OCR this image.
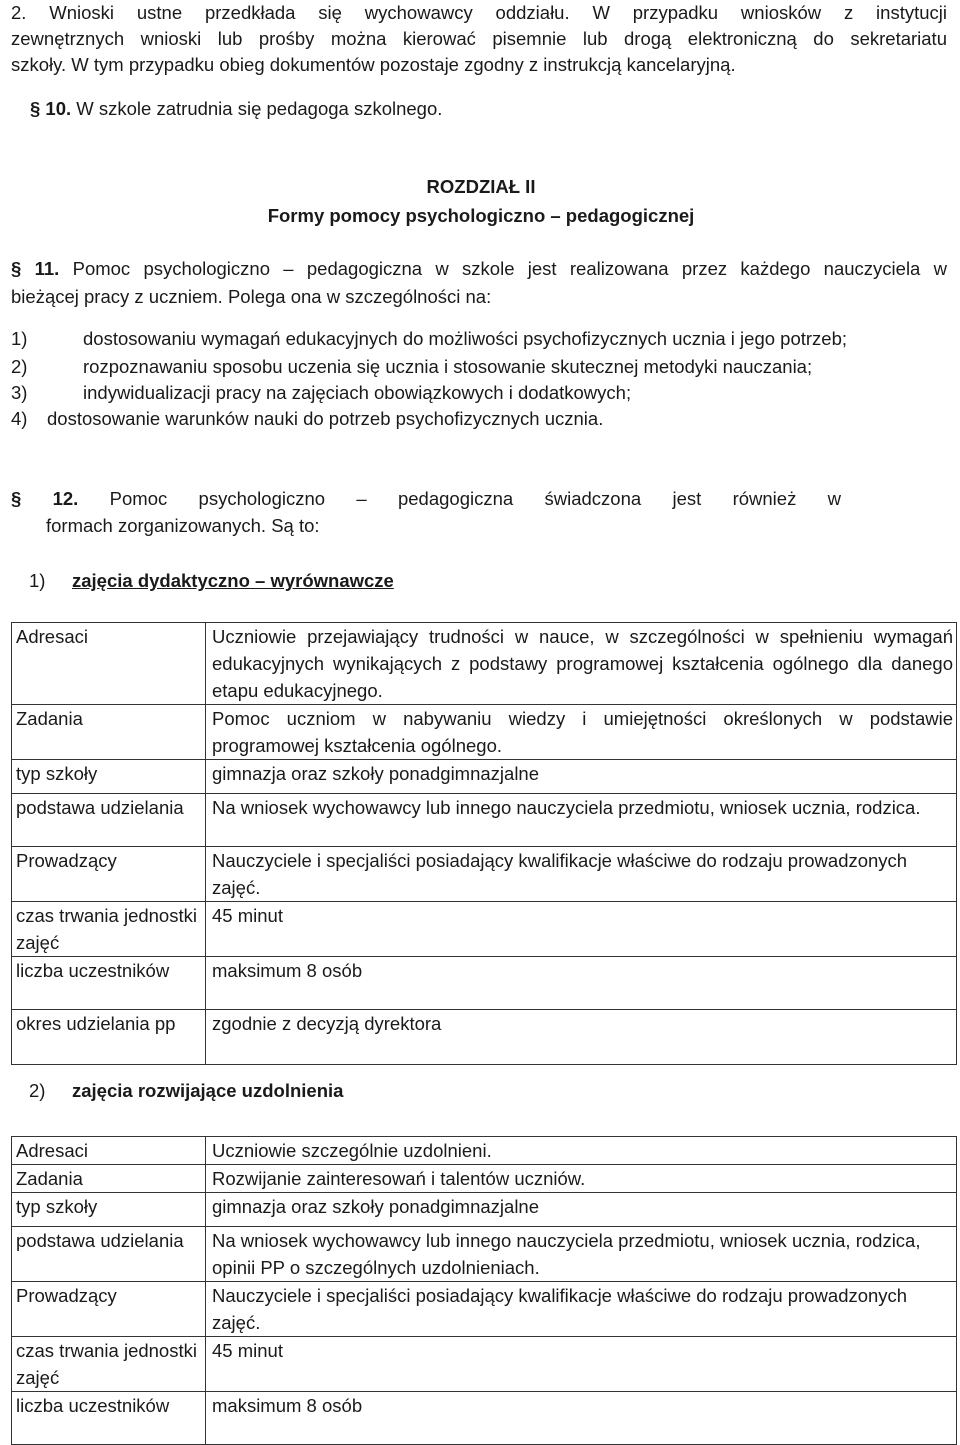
2. Wnioski ustne przedkłada się wychowawcy oddziału. W przypadku wniosków z instytucji
zewnętrznych wnioski lub prośby można kierować pisemnie lub drogą elektroniczną do sekretariatu
szkoły. W tym przypadku obieg dokumentów pozostaje zgodny z instrukcją kancelaryjną.
§ 10. W szkole zatrudnia się pedagoga szkolnego.
ROZDZIAŁ II
Formy pomocy psychologiczno – pedagogicznej
§ 11. Pomoc psychologiczno – pedagogiczna w szkole jest realizowana przez każdego nauczyciela w
bieżącej pracy z uczniem. Polega ona w szczególności na:
1)	dostosowaniu wymagań edukacyjnych do możliwości psychofizycznych ucznia i jego potrzeb;
2)	rozpoznawaniu sposobu uczenia się ucznia i stosowanie skutecznej metodyki nauczania;
3)	indywidualizacji pracy na zajęciach obowiązkowych i dodatkowych;
4) dostosowanie warunków nauki do potrzeb psychofizycznych ucznia.
§ 12. Pomoc psychologiczno – pedagogiczna świadczona jest również w
formach zorganizowanych. Są to:
1) zajęcia dydaktyczno – wyrównawcze
Adresaci	Uczniowie przejawiający trudności w nauce, w szczególności w spełnieniu wymagań edukacyjnych wynikających z podstawy programowej kształcenia ogólnego dla danego etapu edukacyjnego.
Zadania	Pomoc uczniom w nabywaniu wiedzy i umiejętności określonych w podstawie programowej kształcenia ogólnego.
typ szkoły	gimnazja oraz szkoły ponadgimnazjalne
podstawa udzielania	Na wniosek wychowawcy lub innego nauczyciela przedmiotu, wniosek ucznia, rodzica.
Prowadzący	Nauczyciele i specjaliści posiadający kwalifikacje właściwe do rodzaju prowadzonych zajęć.
czas trwania jednostki zajęć	45 minut
liczba uczestników	maksimum 8 osób
okres udzielania pp	zgodnie z decyzją dyrektora
2) zajęcia rozwijające uzdolnienia
Adresaci	Uczniowie szczególnie uzdolnieni.
Zadania	Rozwijanie zainteresowań i talentów uczniów.
typ szkoły	gimnazja oraz szkoły ponadgimnazjalne
podstawa udzielania	Na wniosek wychowawcy lub innego nauczyciela przedmiotu, wniosek ucznia, rodzica, opinii PP o szczególnych uzdolnieniach.
Prowadzący	Nauczyciele i specjaliści posiadający kwalifikacje właściwe do rodzaju prowadzonych zajęć.
czas trwania jednostki zajęć	45 minut
liczba uczestników	maksimum 8 osób
